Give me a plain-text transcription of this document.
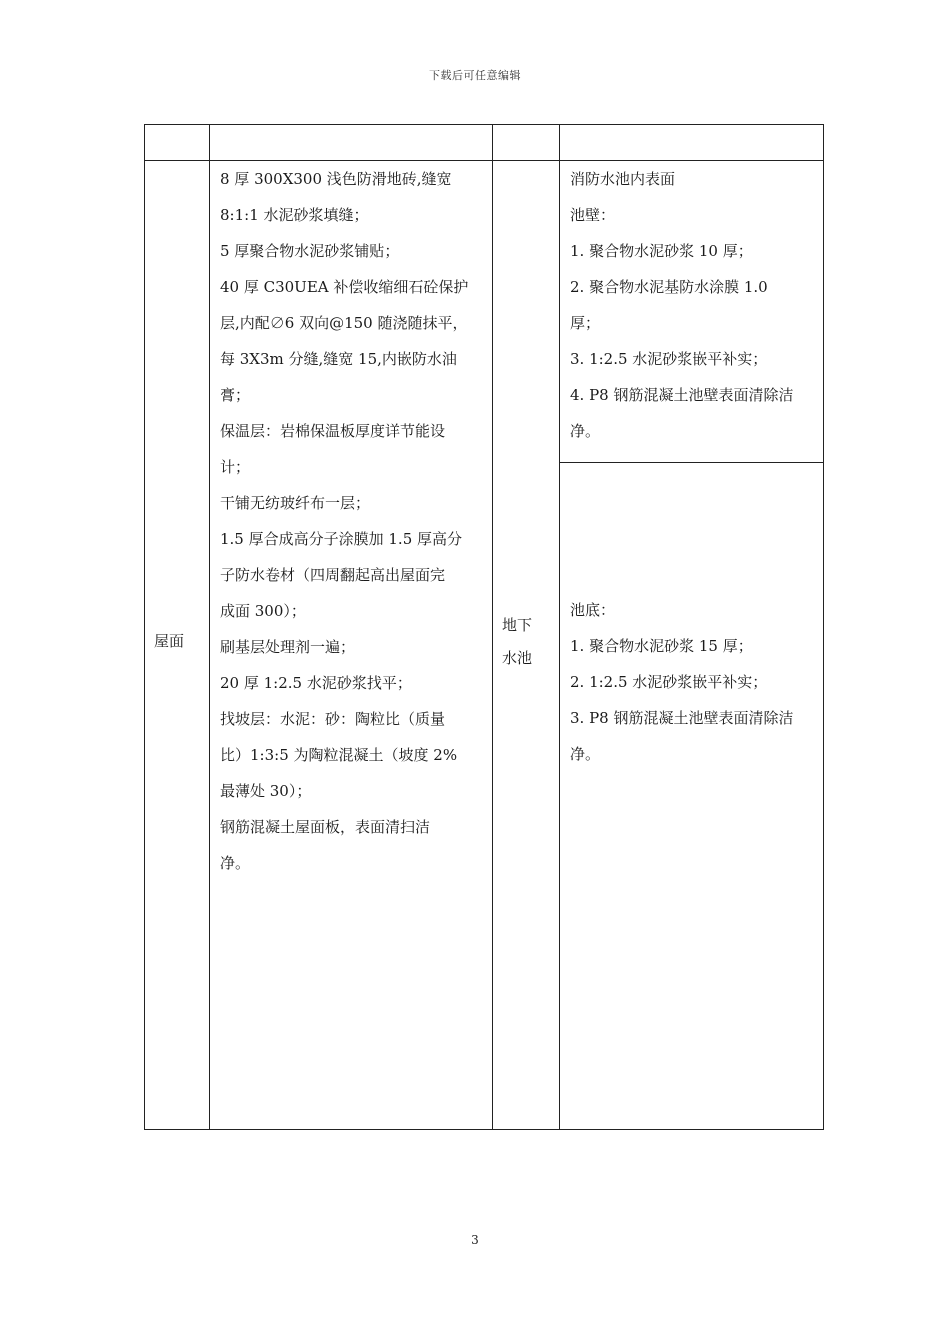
下载后可任意编辑
屋面
8 厚 300X300 浅色防滑地砖,缝宽
8:1:1 水泥砂浆填缝；
5 厚聚合物水泥砂浆铺贴；
40 厚 C30UEA 补偿收缩细石砼保护
层,内配∅6 双向@150 随浇随抹平，
每 3X3m 分缝,缝宽 15,内嵌防水油
膏；
保温层：岩棉保温板厚度详节能设
计；
干铺无纺玻纤布一层；
1.5 厚合成高分子涂膜加 1.5 厚高分
子防水卷材（四周翻起高出屋面完
成面 300）；
刷基层处理剂一遍；
20 厚 1:2.5 水泥砂浆找平；
找坡层：水泥：砂：陶粒比（质量
比）1:3:5 为陶粒混凝土（坡度 2%
最薄处 30）；
钢筋混凝土屋面板，表面清扫洁
净。
地下
水池
消防水池内表面
池壁：
1. 聚合物水泥砂浆 10 厚；
2. 聚合物水泥基防水涂膜 1.0
厚；
3. 1:2.5 水泥砂浆嵌平补实；
4. P8 钢筋混凝土池壁表面清除洁
净。
池底：
1. 聚合物水泥砂浆 15 厚；
2. 1:2.5 水泥砂浆嵌平补实；
3. P8 钢筋混凝土池壁表面清除洁
净。
3
